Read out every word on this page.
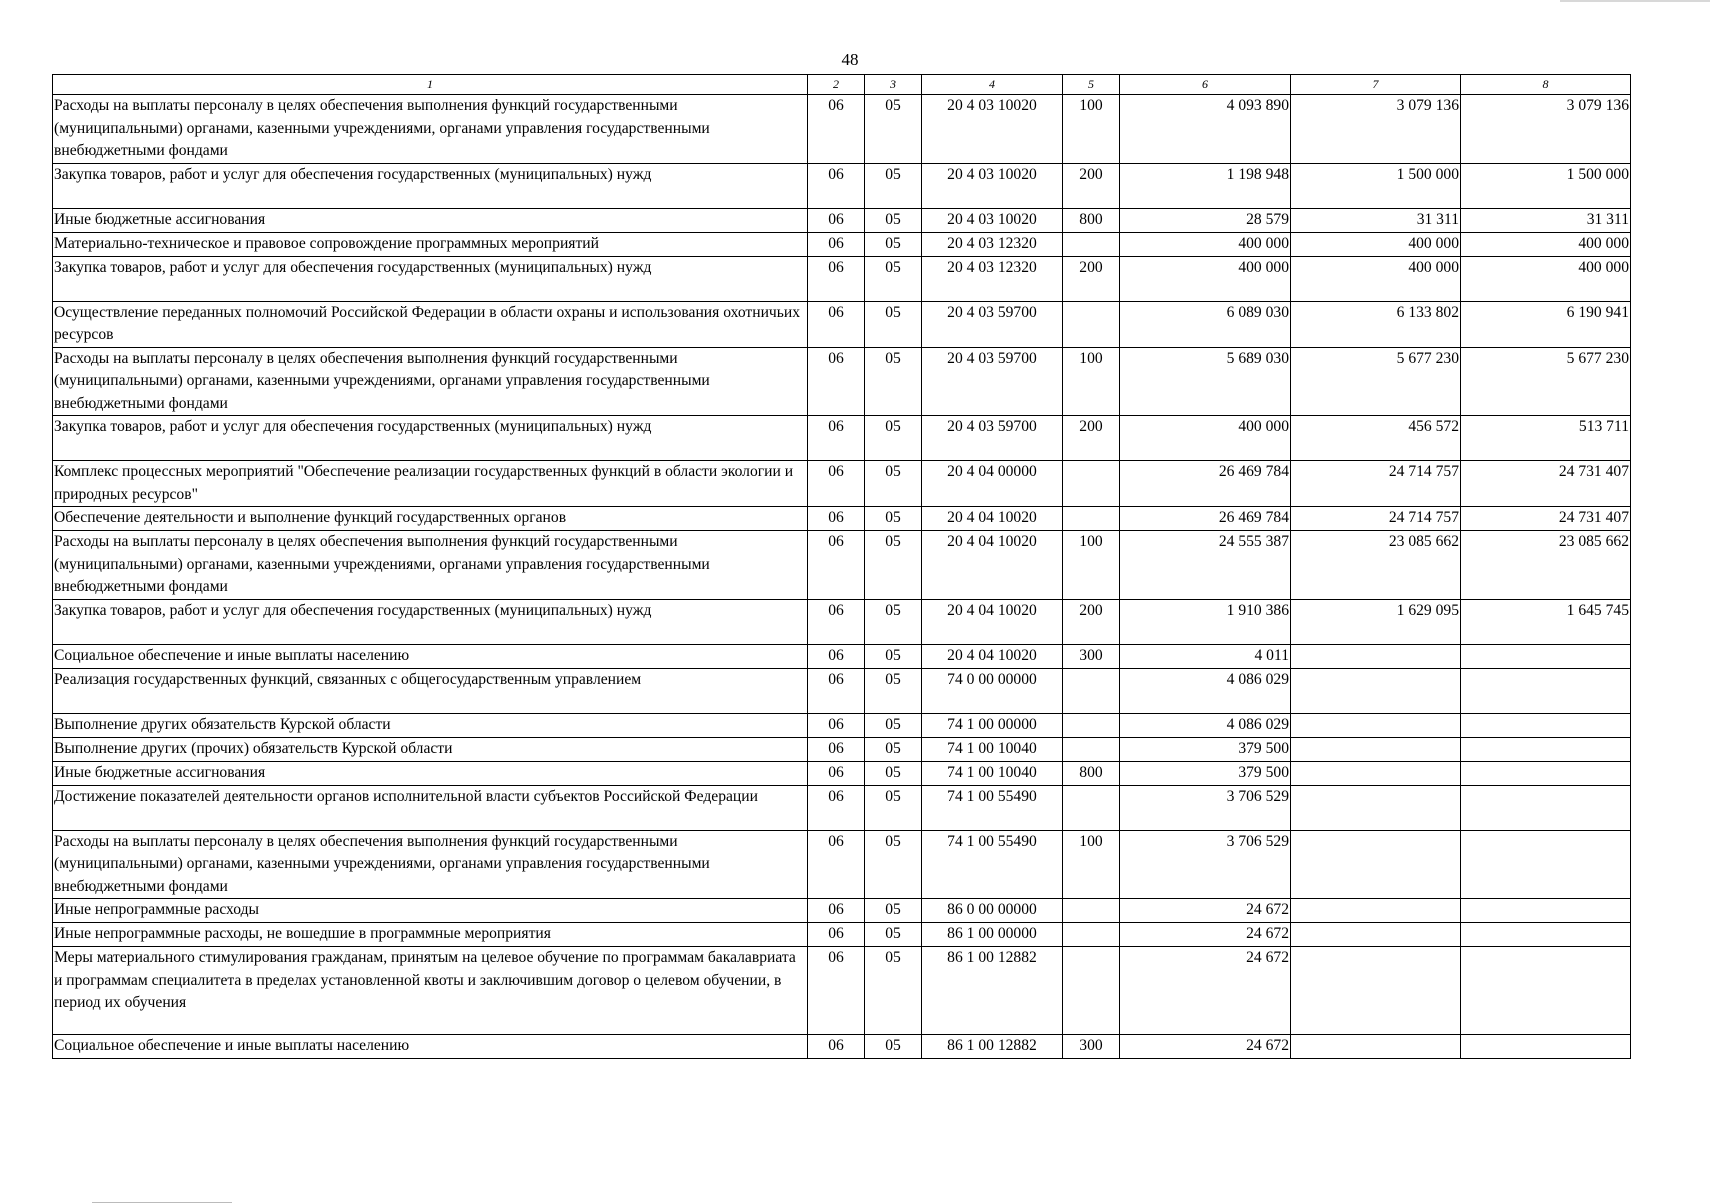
48
1	2	3	4	5	6	7	8
Расходы на выплаты персоналу в целях обеспечения выполнения функций государственными (муниципальными) органами, казенными учреждениями, органами управления государственными внебюджетными фондами	06	05	20 4 03 10020	100	4 093 890	3 079 136	3 079 136
Закупка товаров, работ и услуг для обеспечения государственных (муниципальных) нужд	06	05	20 4 03 10020	200	1 198 948	1 500 000	1 500 000
Иные бюджетные ассигнования	06	05	20 4 03 10020	800	28 579	31 311	31 311
Материально-техническое и правовое сопровождение программных мероприятий	06	05	20 4 03 12320		400 000	400 000	400 000
Закупка товаров, работ и услуг для обеспечения государственных (муниципальных) нужд	06	05	20 4 03 12320	200	400 000	400 000	400 000
Осуществление переданных полномочий Российской Федерации в области охраны и использования охотничьих ресурсов	06	05	20 4 03 59700		6 089 030	6 133 802	6 190 941
Расходы на выплаты персоналу в целях обеспечения выполнения функций государственными (муниципальными) органами, казенными учреждениями, органами управления государственными внебюджетными фондами	06	05	20 4 03 59700	100	5 689 030	5 677 230	5 677 230
Закупка товаров, работ и услуг для обеспечения государственных (муниципальных) нужд	06	05	20 4 03 59700	200	400 000	456 572	513 711
Комплекс процессных мероприятий "Обеспечение реализации государственных функций в области экологии и природных ресурсов"	06	05	20 4 04 00000		26 469 784	24 714 757	24 731 407
Обеспечение деятельности и выполнение функций государственных органов	06	05	20 4 04 10020		26 469 784	24 714 757	24 731 407
Расходы на выплаты персоналу в целях обеспечения выполнения функций государственными (муниципальными) органами, казенными учреждениями, органами управления государственными внебюджетными фондами	06	05	20 4 04 10020	100	24 555 387	23 085 662	23 085 662
Закупка товаров, работ и услуг для обеспечения государственных (муниципальных) нужд	06	05	20 4 04 10020	200	1 910 386	1 629 095	1 645 745
Социальное обеспечение и иные выплаты населению	06	05	20 4 04 10020	300	4 011		
Реализация государственных функций, связанных с общегосударственным управлением	06	05	74 0 00 00000		4 086 029		
Выполнение других обязательств Курской области	06	05	74 1 00 00000		4 086 029		
Выполнение других (прочих) обязательств Курской области	06	05	74 1 00 10040		379 500		
Иные бюджетные ассигнования	06	05	74 1 00 10040	800	379 500		
Достижение показателей деятельности органов исполнительной власти субъектов Российской Федерации	06	05	74 1 00 55490		3 706 529		
Расходы на выплаты персоналу в целях обеспечения выполнения функций государственными (муниципальными) органами, казенными учреждениями, органами управления государственными внебюджетными фондами	06	05	74 1 00 55490	100	3 706 529		
Иные непрограммные расходы	06	05	86 0 00 00000		24 672		
Иные непрограммные расходы, не вошедшие в программные мероприятия	06	05	86 1 00 00000		24 672		
Меры материального стимулирования гражданам, принятым на целевое обучение по программам бакалавриата и программам специалитета в пределах установленной квоты и заключившим договор о целевом обучении, в период их обучения	06	05	86 1 00 12882		24 672		
Социальное обеспечение и иные выплаты населению	06	05	86 1 00 12882	300	24 672		
